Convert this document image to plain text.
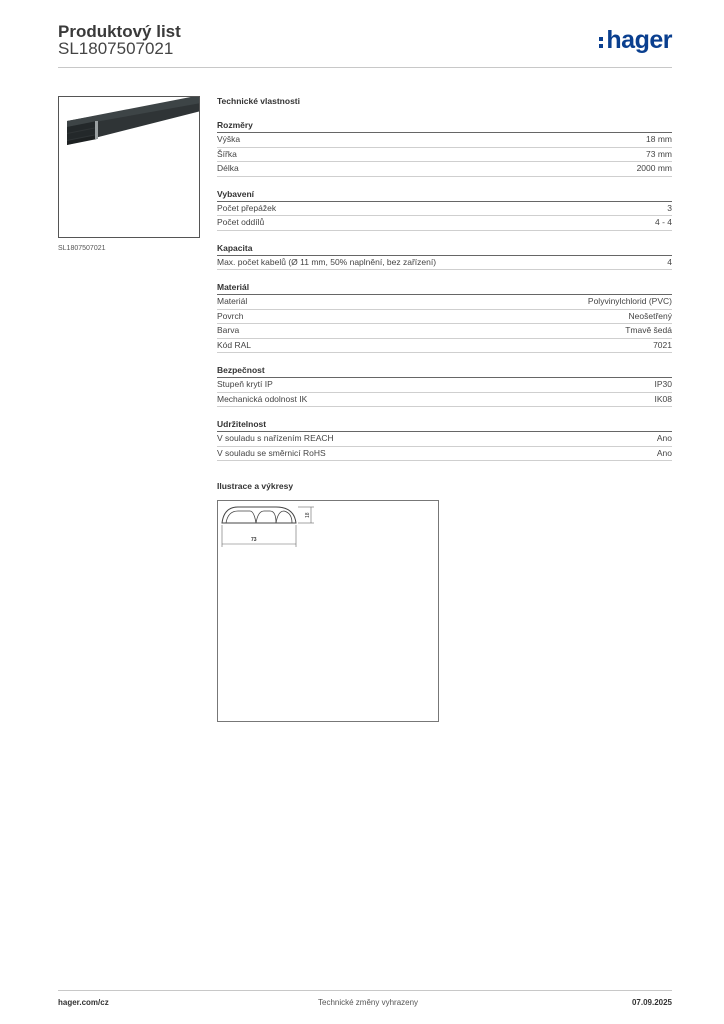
Produktový list
SL1807507021	hager
SL1807507021
Technické vlastnosti
Rozměry
Výška	18 mm
Šířka	73 mm
Délka	2000 mm
Vybavení
Počet přepážek	3
Počet oddílů	4 - 4
Kapacita
Max. počet kabelů (Ø 11 mm, 50% naplnění, bez zařízení)	4
Materiál
Materiál	Polyvinylchlorid (PVC)
Povrch	Neošetřený
Barva	Tmavě šedá
Kód RAL	7021
Bezpečnost
Stupeň krytí IP	IP30
Mechanická odolnost IK	IK08
Udržitelnost
V souladu s nařízením REACH	Ano
V souladu se směrnicí RoHS	Ano
Ilustrace a výkresy
18
73
hager.com/cz	Technické změny vyhrazeny	07.09.2025
